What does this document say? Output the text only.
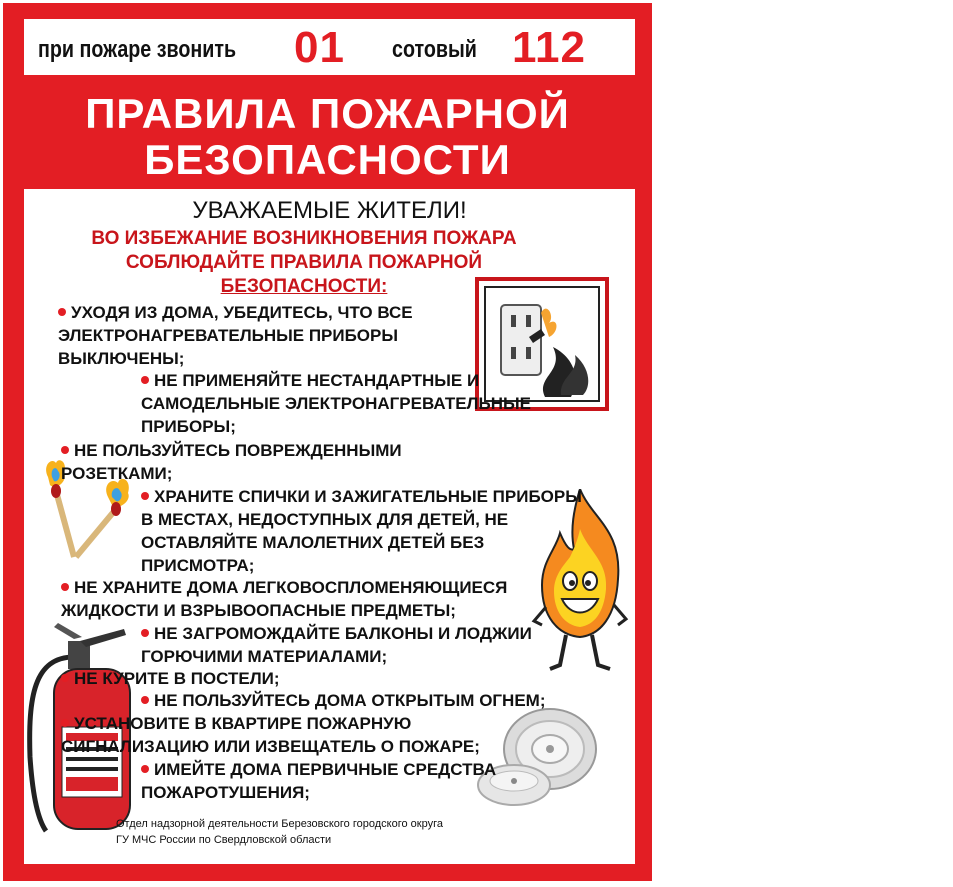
при пожаре звонить 01 сотовый 112
ПРАВИЛА ПОЖАРНОЙ
БЕЗОПАСНОСТИ
УВАЖАЕМЫЕ ЖИТЕЛИ!
ВО ИЗБЕЖАНИЕ ВОЗНИКНОВЕНИЯ ПОЖАРА
СОБЛЮДАЙТЕ ПРАВИЛА ПОЖАРНОЙ
БЕЗОПАСНОСТИ:
УХОДЯ ИЗ ДОМА, УБЕДИТЕСЬ, ЧТО ВСЕ
ЭЛЕКТРОНАГРЕВАТЕЛЬНЫЕ ПРИБОРЫ
ВЫКЛЮЧЕНЫ;
НЕ ПРИМЕНЯЙТЕ НЕСТАНДАРТНЫЕ И
САМОДЕЛЬНЫЕ ЭЛЕКТРОНАГРЕВАТЕЛЬНЫЕ
ПРИБОРЫ;
НЕ ПОЛЬЗУЙТЕСЬ ПОВРЕЖДЕННЫМИ
РОЗЕТКАМИ;
ХРАНИТЕ СПИЧКИ И ЗАЖИГАТЕЛЬНЫЕ ПРИБОРЫ
В МЕСТАХ, НЕДОСТУПНЫХ ДЛЯ ДЕТЕЙ, НЕ
ОСТАВЛЯЙТЕ МАЛОЛЕТНИХ ДЕТЕЙ БЕЗ
ПРИСМОТРА;
НЕ ХРАНИТЕ ДОМА ЛЕГКОВОСПЛОМЕНЯЮЩИЕСЯ
ЖИДКОСТИ И ВЗРЫВООПАСНЫЕ ПРЕДМЕТЫ;
НЕ ЗАГРОМОЖДАЙТЕ БАЛКОНЫ И ЛОДЖИИ
ГОРЮЧИМИ МАТЕРИАЛАМИ;
НЕ КУРИТЕ В ПОСТЕЛИ;
НЕ ПОЛЬЗУЙТЕСЬ ДОМА ОТКРЫТЫМ ОГНЕМ;
УСТАНОВИТЕ В КВАРТИРЕ ПОЖАРНУЮ
СИГНАЛИЗАЦИЮ ИЛИ ИЗВЕЩАТЕЛЬ О ПОЖАРЕ;
ИМЕЙТЕ ДОМА ПЕРВИЧНЫЕ СРЕДСТВА
ПОЖАРОТУШЕНИЯ;
Отдел надзорной деятельности Березовского городского округа
ГУ МЧС России по Свердловской области
